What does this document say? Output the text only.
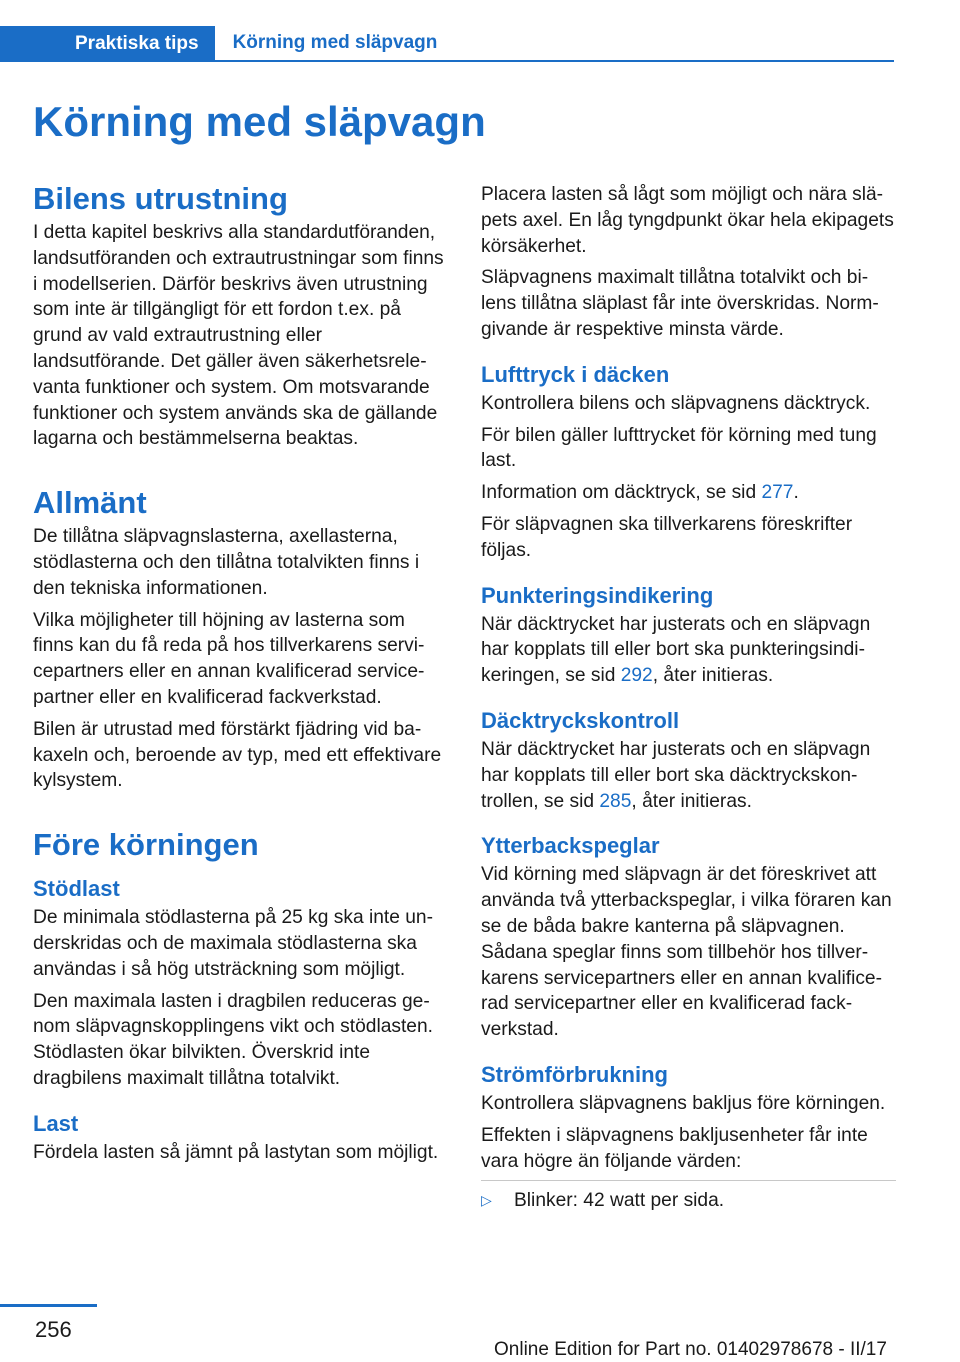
Praktiska tips Körning med släpvagn
Körning med släpvagn
Bilens utrustning

I detta kapitel beskrivs alla standardutföranden, landsutföranden och extrautrustningar som finns i modellserien. Därför beskrivs även utrustning som inte är tillgängligt för ett fordon t.ex. på grund av vald extrautrustning eller landsutförande. Det gäller även säkerhetsrelevanta funktioner och system. Om motsvarande funktioner och system används ska de gällande lagarna och bestämmelserna beaktas.

Allmänt

De tillåtna släpvagnslasterna, axellasterna, stödlasterna och den tillåtna totalvikten finns i den tekniska informationen.

Vilka möjligheter till höjning av lasterna som finns kan du få reda på hos tillverkarens servicepartners eller en annan kvalificerad servicepartner eller en kvalificerad fackverkstad.

Bilen är utrustad med förstärkt fjädring vid bakaxeln och, beroende av typ, med ett effektivare kylsystem.

Före körningen
Stödlast

De minimala stödlasterna på 25 kg ska inte underskridas och de maximala stödlasterna ska användas i så hög utsträckning som möjligt.

Den maximala lasten i dragbilen reduceras genom släpvagnskopplingens vikt och stödlasten. Stödlasten ökar bilvikten. Överskrid inte dragbilens maximalt tillåtna totalvikt.

Last

Fördela lasten så jämnt på lastytan som möjligt.

Placera lasten så lågt som möjligt och nära släpets axel. En låg tyngdpunkt ökar hela ekipagets körsäkerhet.

Släpvagnens maximalt tillåtna totalvikt och bilens tillåtna släplast får inte överskridas. Normgivande är respektive minsta värde.

Lufttryck i däcken

Kontrollera bilens och släpvagnens däcktryck.

För bilen gäller lufttrycket för körning med tung last.

Information om däcktryck, se sid 277.

För släpvagnen ska tillverkarens föreskrifter följas.

Punkteringsindikering

När däcktrycket har justerats och en släpvagn har kopplats till eller bort ska punkteringsindikeringen, se sid 292, åter initieras.

Däcktryckskontroll

När däcktrycket har justerats och en släpvagn har kopplats till eller bort ska däcktryckskontrollen, se sid 285, åter initieras.

Ytterbackspeglar

Vid körning med släpvagn är det föreskrivet att använda två ytterbackspeglar, i vilka föraren kan se de båda bakre kanterna på släpvagnen. Sådana speglar finns som tillbehör hos tillverkarens servicepartners eller en annan kvalificerad servicepartner eller en kvalificerad fackverkstad.

Strömförbrukning

Kontrollera släpvagnens bakljus före körningen.

Effekten i släpvagnens bakljusenheter får inte vara högre än följande värden:

▷	Blinker: 42 watt per sida.
256
Online Edition for Part no. 01402978678 - II/17
